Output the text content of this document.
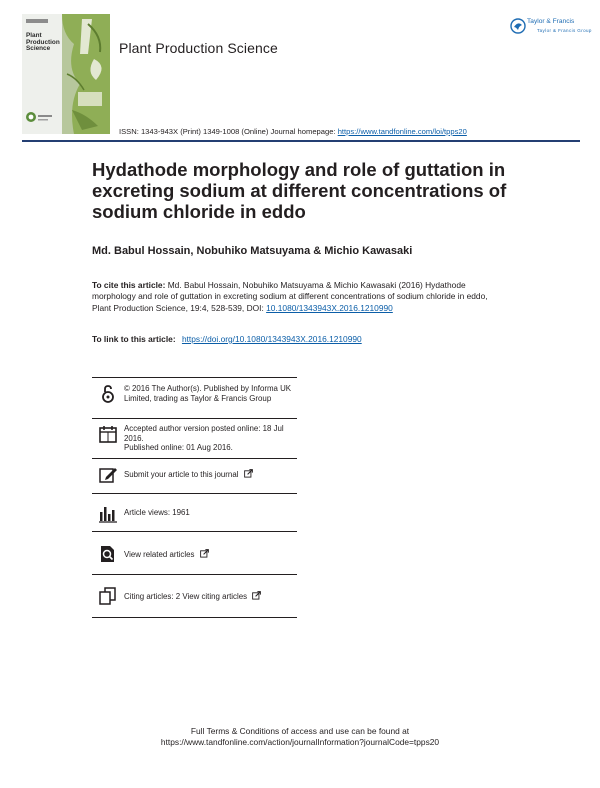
Plant
Production
Science	Plant Production Science
Taylor & Francis
Taylor & Francis Group
ISSN: 1343-943X (Print) 1349-1008 (Online) Journal homepage: https://www.tandfonline.com/loi/tpps20
Hydathode morphology and role of guttation in excreting sodium at different concentrations of sodium chloride in eddo
Md. Babul Hossain, Nobuhiko Matsuyama & Michio Kawasaki
To cite this article: Md. Babul Hossain, Nobuhiko Matsuyama & Michio Kawasaki (2016) Hydathode morphology and role of guttation in excreting sodium at different concentrations of sodium chloride in eddo, Plant Production Science, 19:4, 528-539, DOI: 10.1080/1343943X.2016.1210990
To link to this article: https://doi.org/10.1080/1343943X.2016.1210990
© 2016 The Author(s). Published by Informa UK Limited, trading as Taylor & Francis Group
Accepted author version posted online: 18 Jul 2016.
Published online: 01 Aug 2016.
Submit your article to this journal
Article views: 1961
View related articles
Citing articles: 2 View citing articles
Full Terms & Conditions of access and use can be found at
https://www.tandfonline.com/action/journalInformation?journalCode=tpps20
